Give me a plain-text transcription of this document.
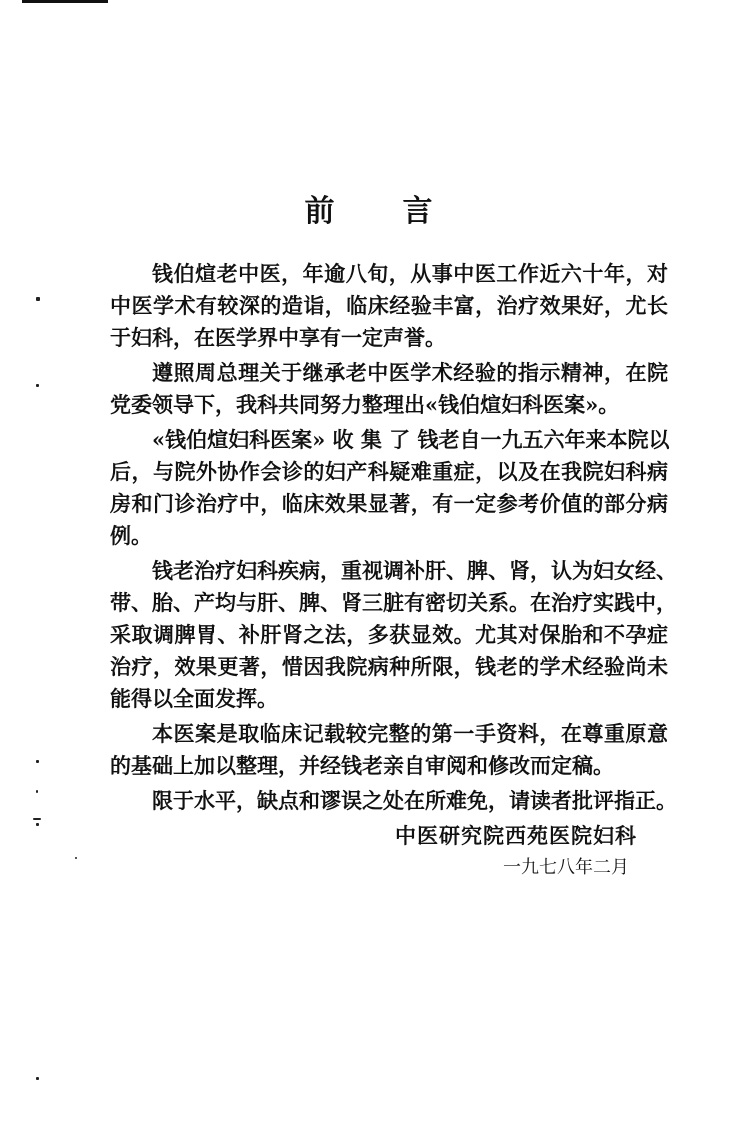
前 言
钱伯煊老中医，年逾八旬，从事中医工作近六十年，对
中医学术有较深的造诣，临床经验丰富，治疗效果好，尤长
于妇科，在医学界中享有一定声誉。
遵照周总理关于继承老中医学术经验的指示精神，在院
党委领导下，我科共同努力整理出«钱伯煊妇科医案»。
«钱伯煊妇科医案» 收 集 了 钱老自一九五六年来本院以
后，与院外协作会诊的妇产科疑难重症，以及在我院妇科病
房和门诊治疗中，临床效果显著，有一定参考价值的部分病
例。
钱老治疗妇科疾病，重视调补肝、脾、肾，认为妇女经、
带、胎、产均与肝、脾、肾三脏有密切关系。在治疗实践中，
采取调脾胃、补肝肾之法，多获显效。尤其对保胎和不孕症
治疗，效果更著，惜因我院病种所限，钱老的学术经验尚未
能得以全面发挥。
本医案是取临床记载较完整的第一手资料，在尊重原意
的基础上加以整理，并经钱老亲自审阅和修改而定稿。
限于水平，缺点和谬误之处在所难免，请读者批评指正。
中医研究院西苑医院妇科
一九七八年二月
